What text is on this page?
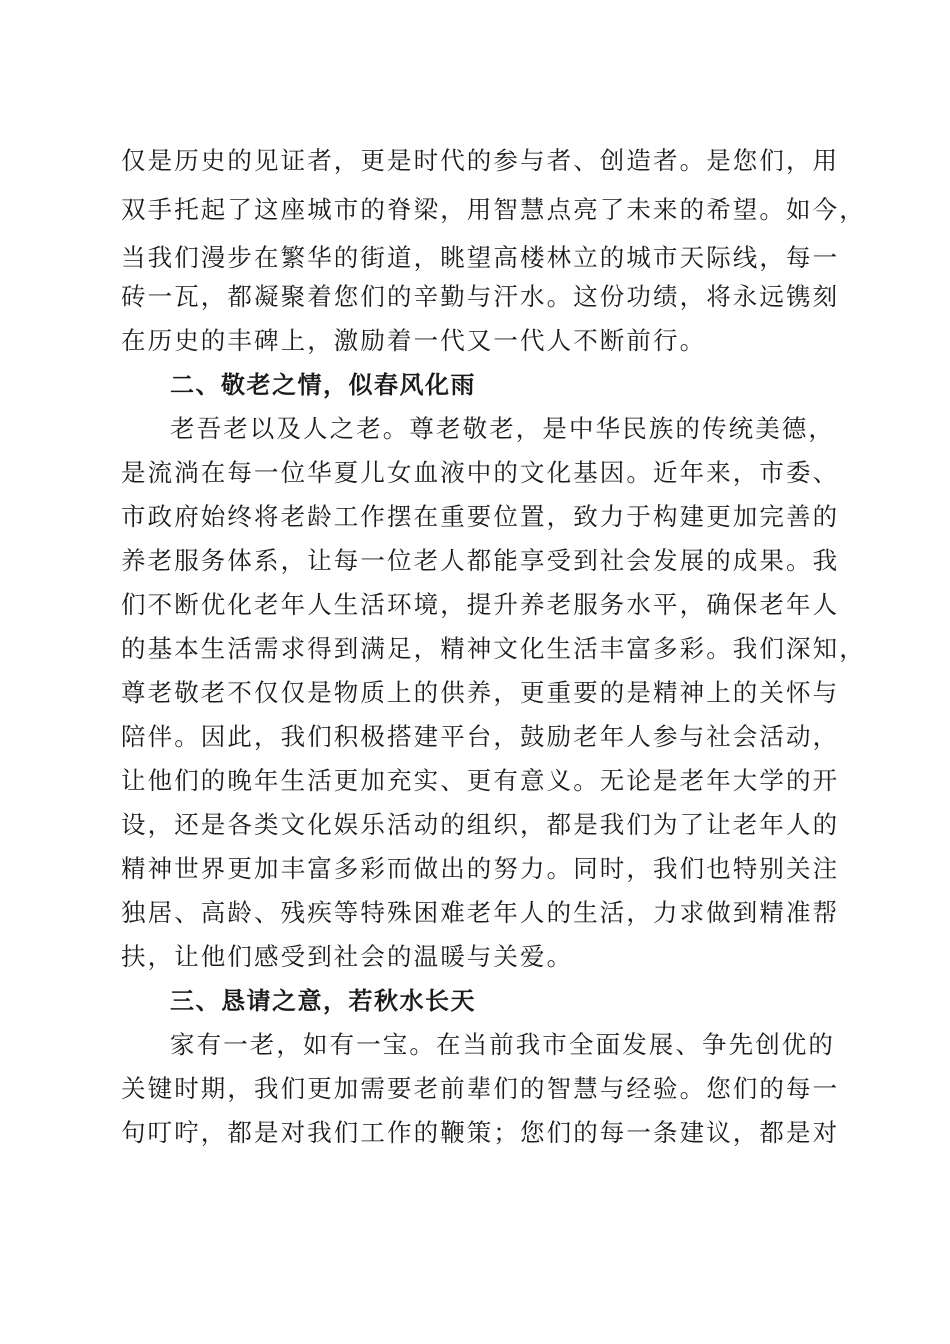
仅是历史的见证者，更是时代的参与者、创造者。是您们，用
双手托起了这座城市的脊梁，用智慧点亮了未来的希望。如今，
当我们漫步在繁华的街道，眺望高楼林立的城市天际线，每一
砖一瓦，都凝聚着您们的辛勤与汗水。这份功绩，将永远镌刻
在历史的丰碑上，激励着一代又一代人不断前行。
二、敬老之情，似春风化雨
老吾老以及人之老。尊老敬老，是中华民族的传统美德，
是流淌在每一位华夏儿女血液中的文化基因。近年来，市委、
市政府始终将老龄工作摆在重要位置，致力于构建更加完善的
养老服务体系，让每一位老人都能享受到社会发展的成果。我
们不断优化老年人生活环境，提升养老服务水平，确保老年人
的基本生活需求得到满足，精神文化生活丰富多彩。我们深知，
尊老敬老不仅仅是物质上的供养，更重要的是精神上的关怀与
陪伴。因此，我们积极搭建平台，鼓励老年人参与社会活动，
让他们的晚年生活更加充实、更有意义。无论是老年大学的开
设，还是各类文化娱乐活动的组织，都是我们为了让老年人的
精神世界更加丰富多彩而做出的努力。同时，我们也特别关注
独居、高龄、残疾等特殊困难老年人的生活，力求做到精准帮
扶，让他们感受到社会的温暖与关爱。
三、恳请之意，若秋水长天
家有一老，如有一宝。在当前我市全面发展、争先创优的
关键时期，我们更加需要老前辈们的智慧与经验。您们的每一
句叮咛，都是对我们工作的鞭策；您们的每一条建议，都是对
